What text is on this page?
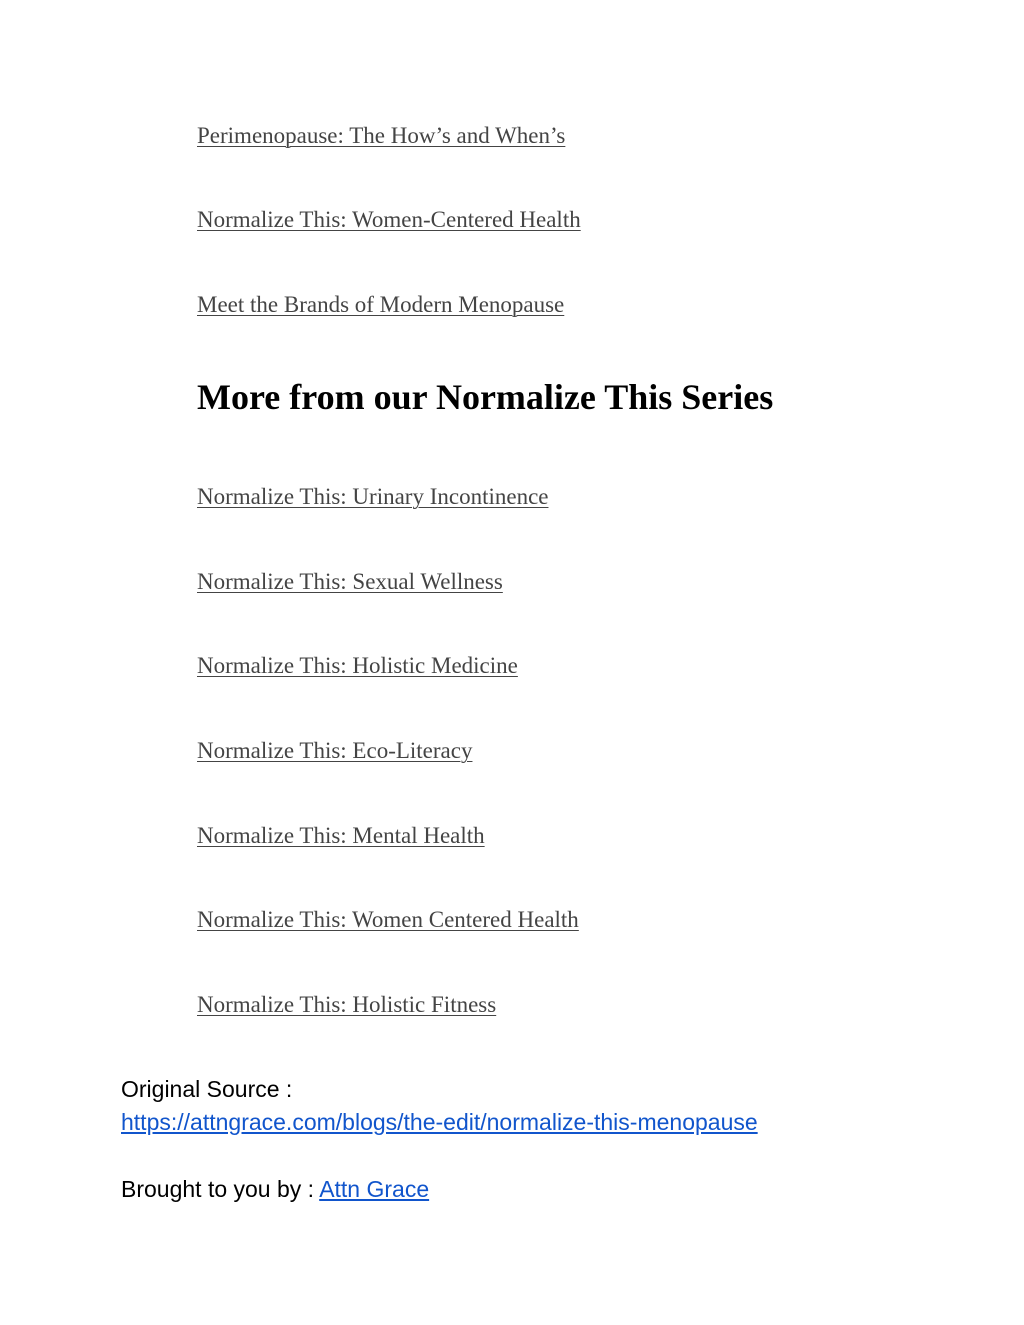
Perimenopause: The How’s and When’s
Normalize This: Women-Centered Health
Meet the Brands of Modern Menopause
More from our Normalize This Series
Normalize This: Urinary Incontinence
Normalize This: Sexual Wellness
Normalize This: Holistic Medicine
Normalize This: Eco-Literacy
Normalize This: Mental Health
Normalize This: Women Centered Health
Normalize This: Holistic Fitness
Original Source :
https://attngrace.com/blogs/the-edit/normalize-this-menopause
Brought to you by : Attn Grace
